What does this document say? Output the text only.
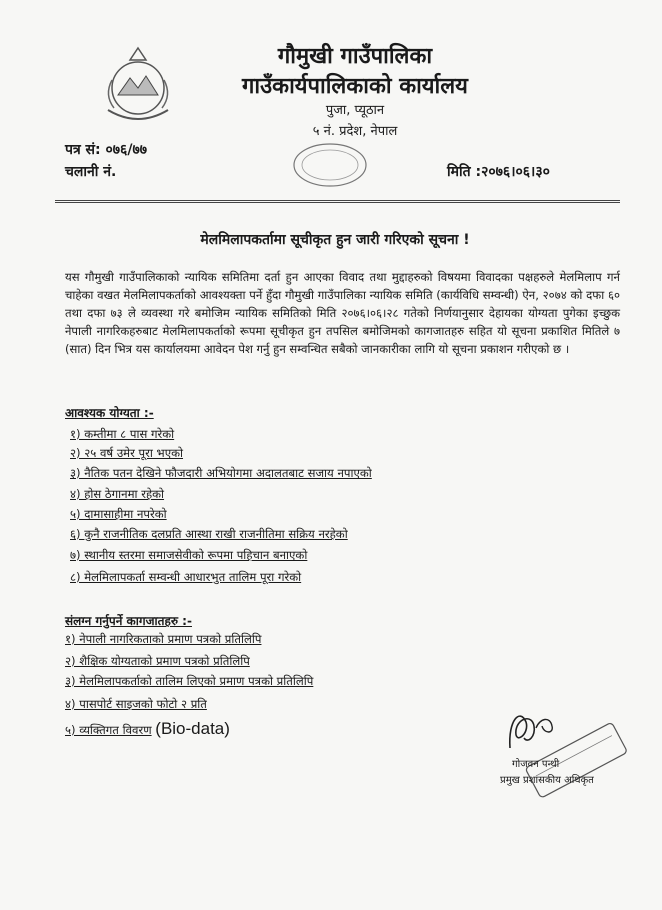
गौमुखी गाउँपालिका
गाउँकार्यपालिकाको कार्यालय
पुजा, प्यूठान
५ नं. प्रदेश, नेपाल
पत्र सं: ०७६/७७
चलानी नं.	मिति :२०७६।०६।३०
मेलमिलापकर्तामा सूचीकृत हुन जारी गरिएको सूचना !
यस गौमुखी गाउँपालिकाको न्यायिक समितिमा दर्ता हुन आएका विवाद तथा मुद्दाहरुको विषयमा विवादका पक्षहरुले मेलमिलाप गर्न चाहेका वखत मेलमिलापकर्ताको आवश्यक्ता पर्ने हुँदा गौमुखी गाउँपालिका न्यायिक समिति (कार्यविधि सम्वन्धी) ऐन, २०७४ को दफा ६० तथा दफा ७३ ले व्यवस्था गरे बमोजिम न्यायिक समितिको मिति २०७६।०६।२८ गतेको निर्णयानुसार देहायका योग्यता पुगेका इच्छुक नेपाली नागरिकहरुबाट मेलमिलापकर्ताको रूपमा सूचीकृत हुन तपसिल बमोजिमको कागजातहरु सहित यो सूचना प्रकाशित मितिले ७ (सात) दिन भित्र यस कार्यालयमा आवेदन पेश गर्नु हुन सम्वन्धित सबैको जानकारीका लागि यो सूचना प्रकाशन गरीएको छ ।
आवश्यक योग्यता :-
१) कम्तीमा ८ पास गरेको
२) २५ वर्ष उमेर पूरा भएको
३) नैतिक पतन देखिने फौजदारी अभियोगमा अदालतबाट सजाय नपाएको
४) होस ठेगानमा रहेको
५) दामासाहीमा नपरेको
६) कुनै राजनीतिक दलप्रति आस्था राखी राजनीतिमा सक्रिय नरहेको
७) स्थानीय स्तरमा समाजसेवीको रूपमा पहिचान बनाएको
८) मेलमिलापकर्ता सम्वन्धी आधारभुत तालिम पूरा गरेको
संलग्न गर्नुपर्ने कागजातहरु :-
१) नेपाली नागरिकताको प्रमाण पत्रको प्रतिलिपि
२) शैक्षिक योग्यताको प्रमाण पत्रको प्रतिलिपि
३) मेलमिलापकर्ताको तालिम लिएको प्रमाण पत्रको प्रतिलिपि
४) पासपोर्ट साइजको फोटो २ प्रति
५) व्यक्तिगत विवरण (Bio-data)
गोजवन पन्थी
प्रमुख प्रशासकीय अधिकृत
